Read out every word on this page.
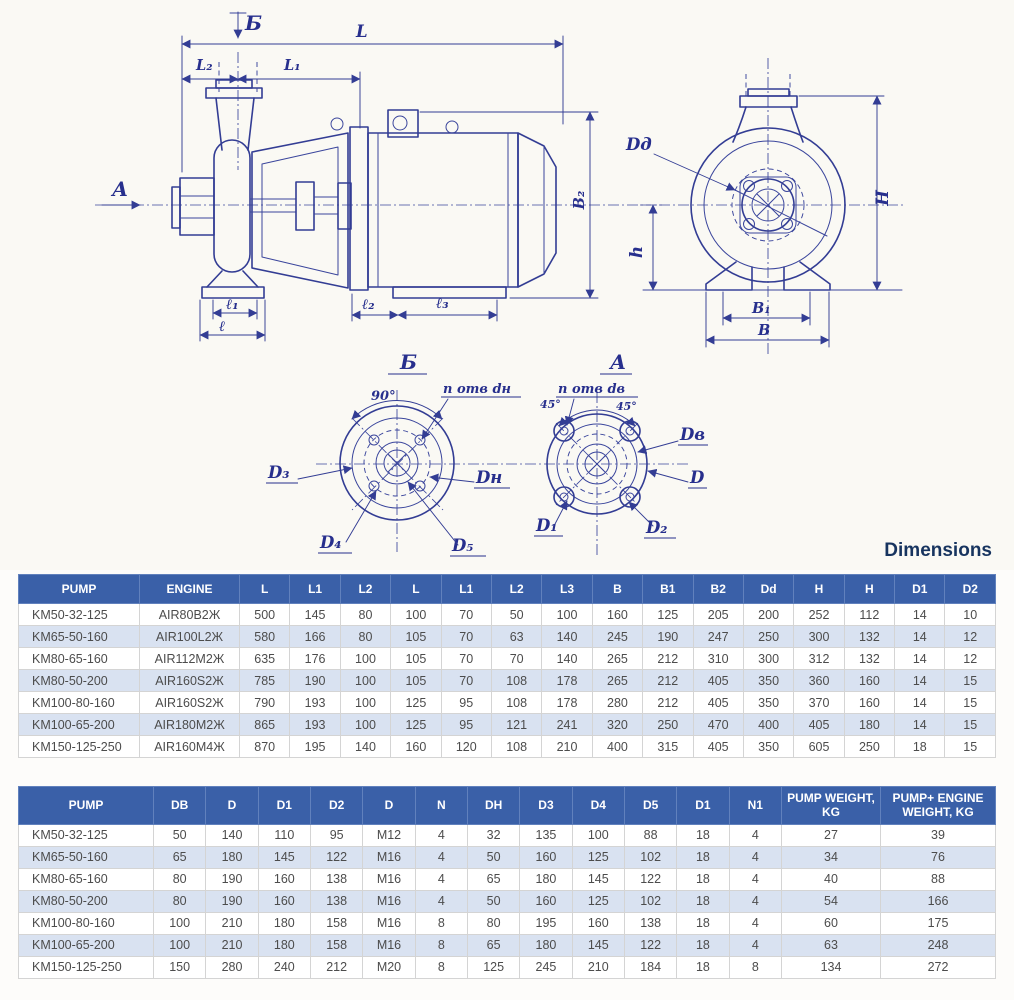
А
Б	L
L₂	L₁
ℓ₁
ℓ
ℓ₂	ℓ₃
В₂
Dд
Н
h
В₁
В
90°
Б
n отв dн
D₃	Dн
D₄	D₅
А
n отв dв
45°
45°
Dв
D
D₁	D₂
Dimensions
PUMP	ENGINE	L	L1	L2	L	L1	L2	L3	B	B1	B2	Dd	H	H	D1	D2
KM50-32-125	AIR80B2Ж	500	145	80	100	70	50	100	160	125	205	200	252	112	14	10
KM65-50-160	AIR100L2Ж	580	166	80	105	70	63	140	245	190	247	250	300	132	14	12
KM80-65-160	AIR112M2Ж	635	176	100	105	70	70	140	265	212	310	300	312	132	14	12
KM80-50-200	AIR160S2Ж	785	190	100	105	70	108	178	265	212	405	350	360	160	14	15
KM100-80-160	AIR160S2Ж	790	193	100	125	95	108	178	280	212	405	350	370	160	14	15
KM100-65-200	AIR180M2Ж	865	193	100	125	95	121	241	320	250	470	400	405	180	14	15
KM150-125-250	AIR160M4Ж	870	195	140	160	120	108	210	400	315	405	350	605	250	18	15
PUMP	DB	D	D1	D2	D	N	DH	D3	D4	D5	D1	N1	PUMP WEIGHT, KG	PUMP+ ENGINE WEIGHT, KG
KM50-32-125	50	140	110	95	M12	4	32	135	100	88	18	4	27	39
KM65-50-160	65	180	145	122	M16	4	50	160	125	102	18	4	34	76
KM80-65-160	80	190	160	138	M16	4	65	180	145	122	18	4	40	88
KM80-50-200	80	190	160	138	M16	4	50	160	125	102	18	4	54	166
KM100-80-160	100	210	180	158	M16	8	80	195	160	138	18	4	60	175
KM100-65-200	100	210	180	158	M16	8	65	180	145	122	18	4	63	248
KM150-125-250	150	280	240	212	M20	8	125	245	210	184	18	8	134	272
